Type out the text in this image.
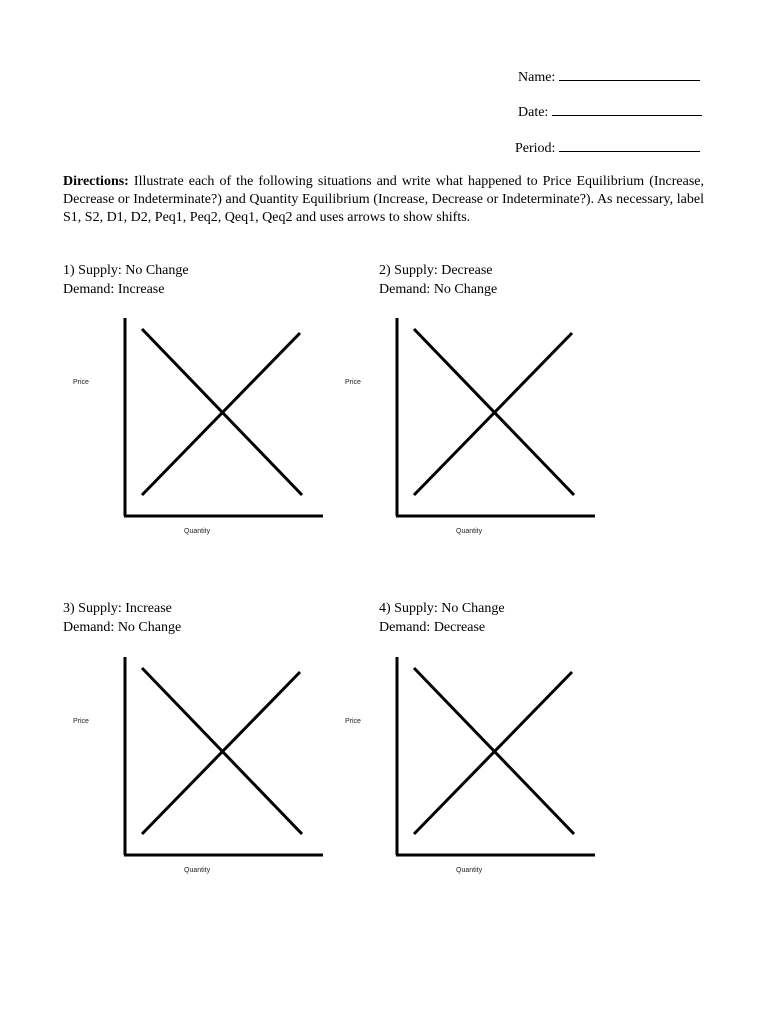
Name:
Date:
Period:

Directions: Illustrate each of the following situations and write what happened to Price Equilibrium (Increase, Decrease or Indeterminate?) and Quantity Equilibrium (Increase, Decrease or Indeterminate?). As necessary, label S1, S2, D1, D2, Peq1, Peq2, Qeq1, Qeq2 and uses arrows to show shifts.

1) Supply: No Change
Demand: Increase
Price
Quantity
2) Supply: Decrease
Demand: No Change
Price
Quantity
3) Supply: Increase
Demand: No Change
Price
Quantity
4) Supply: No Change
Demand: Decrease
Price
Quantity
